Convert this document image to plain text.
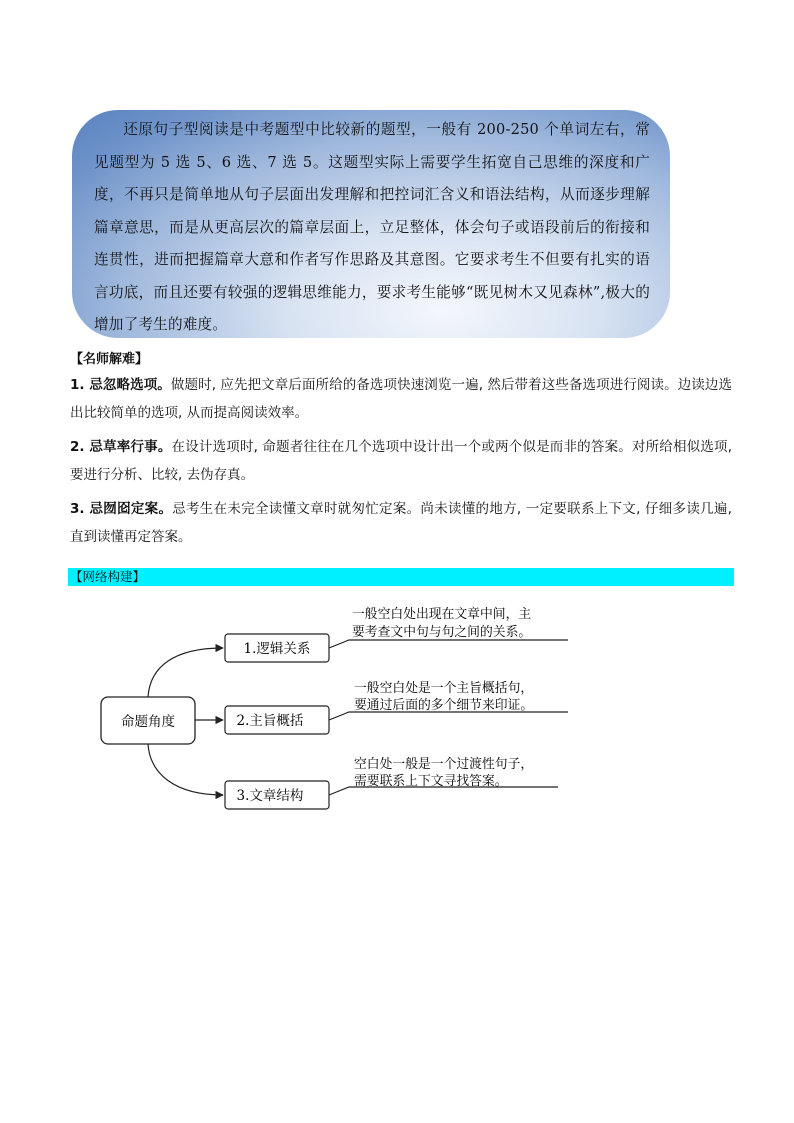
还原句子型阅读是中考题型中比较新的题型，一般有 200-250 个单词左右，常见题型为 5 选 5、6 选、7 选 5。这题型实际上需要学生拓宽自己思维的深度和广度，不再只是简单地从句子层面出发理解和把控词汇含义和语法结构，从而逐步理解篇章意思，而是从更高层次的篇章层面上，立足整体，体会句子或语段前后的衔接和连贯性，进而把握篇章大意和作者写作思路及其意图。它要求考生不但要有扎实的语言功底，而且还要有较强的逻辑思维能力，要求考生能够“既见树木又见森林”,极大的增加了考生的难度。

【名师解难】

1. 忌忽略选项。做题时, 应先把文章后面所给的备选项快速浏览一遍, 然后带着这些备选项进行阅读。边读边选出比较简单的选项, 从而提高阅读效率。

2. 忌草率行事。在设计选项时, 命题者往往在几个选项中设计出一个或两个似是而非的答案。对所给相似选项, 要进行分析、比较, 去伪存真。

3. 忌囫囵定案。忌考生在未完全读懂文章时就匆忙定案。尚未读懂的地方, 一定要联系上下文, 仔细多读几遍, 直到读懂再定答案。

【网络构建】
命题角度
1.逻辑关系
一般空白处出现在文章中间，主
要考查文中句与句之间的关系。
2.主旨概括
一般空白处是一个主旨概括句，
要通过后面的多个细节来印证。
3.文章结构
空白处一般是一个过渡性句子，
需要联系上下文寻找答案。
